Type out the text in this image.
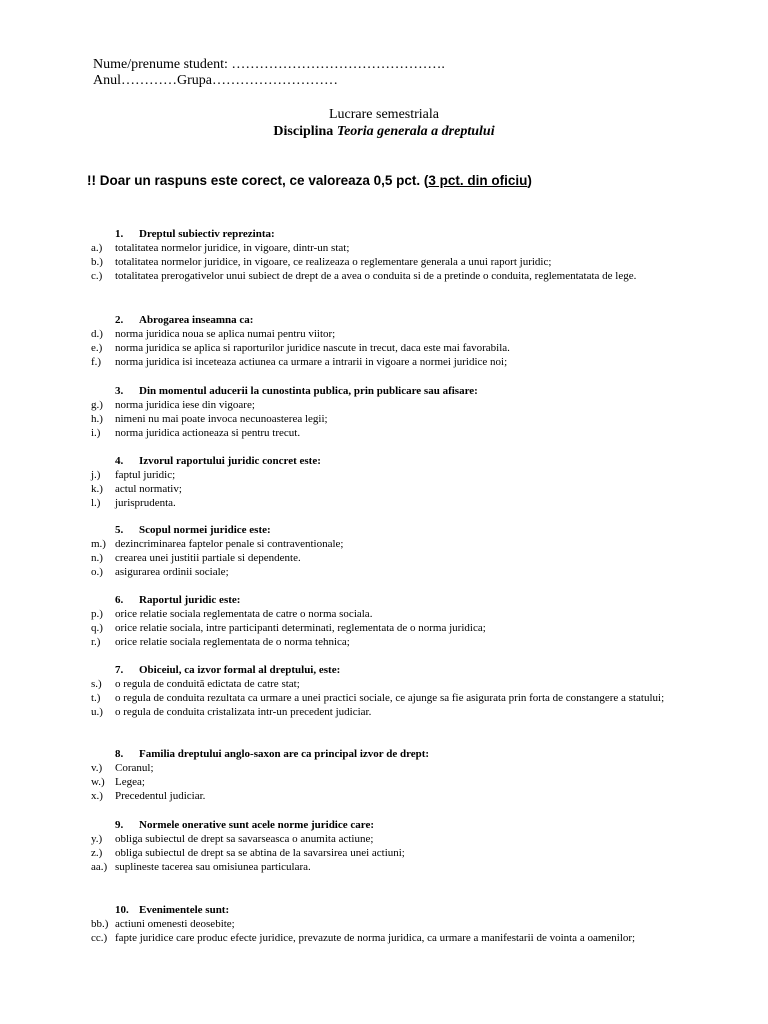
Nume/prenume student: ……………………………………….
Anul…………Grupa………………………
Lucrare semestriala
Disciplina Teoria generala a dreptului
!! Doar un raspuns este corect, ce valoreaza 0,5 pct. (3 pct. din oficiu)
1.	Dreptul subiectiv reprezinta:
a.)	totalitatea normelor juridice, in vigoare, dintr-un stat;
b.)	totalitatea normelor juridice, in vigoare, ce realizeaza o reglementare generala a unui raport juridic;
c.)	totalitatea prerogativelor unui subiect de drept de a avea o conduita si de a pretinde o conduita, reglementatata de lege.
2.	Abrogarea inseamna ca:
d.)	norma juridica noua se aplica numai pentru viitor;
e.)	norma juridica se aplica si raporturilor juridice nascute in trecut, daca este mai favorabila.
f.)	norma juridica isi inceteaza actiunea ca urmare a intrarii in vigoare a normei juridice noi;
3.	Din momentul aducerii la cunostinta publica, prin publicare sau afisare:
g.)	norma juridica iese din vigoare;
h.)	nimeni nu mai poate invoca necunoasterea legii;
i.)	norma juridica actioneaza si pentru trecut.
4.	Izvorul raportului juridic concret este:
j.)	faptul juridic;
k.)	actul normativ;
l.)	jurisprudenta.
5.	Scopul normei juridice este:
m.) dezincriminarea faptelor penale si contraventionale;
n.)	crearea unei justitii partiale si dependente.
o.)	asigurarea ordinii sociale;
6.	Raportul juridic este:
p.)	orice relatie sociala reglementata de catre o norma sociala.
q.)	orice relatie sociala, intre participanti determinati, reglementata de o norma juridica;
r.)	orice relatie sociala reglementata de o norma tehnica;
7.	Obiceiul, ca izvor formal al dreptului, este:
s.)	o regula de conduită edictata de catre stat;
t.)	o regula de conduita rezultata ca urmare a unei practici sociale, ce ajunge sa fie asigurata prin forta de constangere a statului;
u.)	o regula de conduita cristalizata intr-un precedent judiciar.
8.	Familia dreptului anglo-saxon are ca principal izvor de drept:
v.)	Coranul;
w.) Legea;
x.)	Precedentul judiciar.
9.	Normele onerative sunt acele norme juridice care:
y.)	obliga subiectul de drept sa savarseasca o anumita actiune;
z.)	obliga subiectul de drept sa se abtina de la savarsirea unei actiuni;
aa.) suplineste tacerea sau omisiunea particulara.
10. Evenimentele sunt:
bb.) actiuni omenesti deosebite;
cc.) fapte juridice care produc efecte juridice, prevazute de norma juridica, ca urmare a manifestarii de vointa a oamenilor;
